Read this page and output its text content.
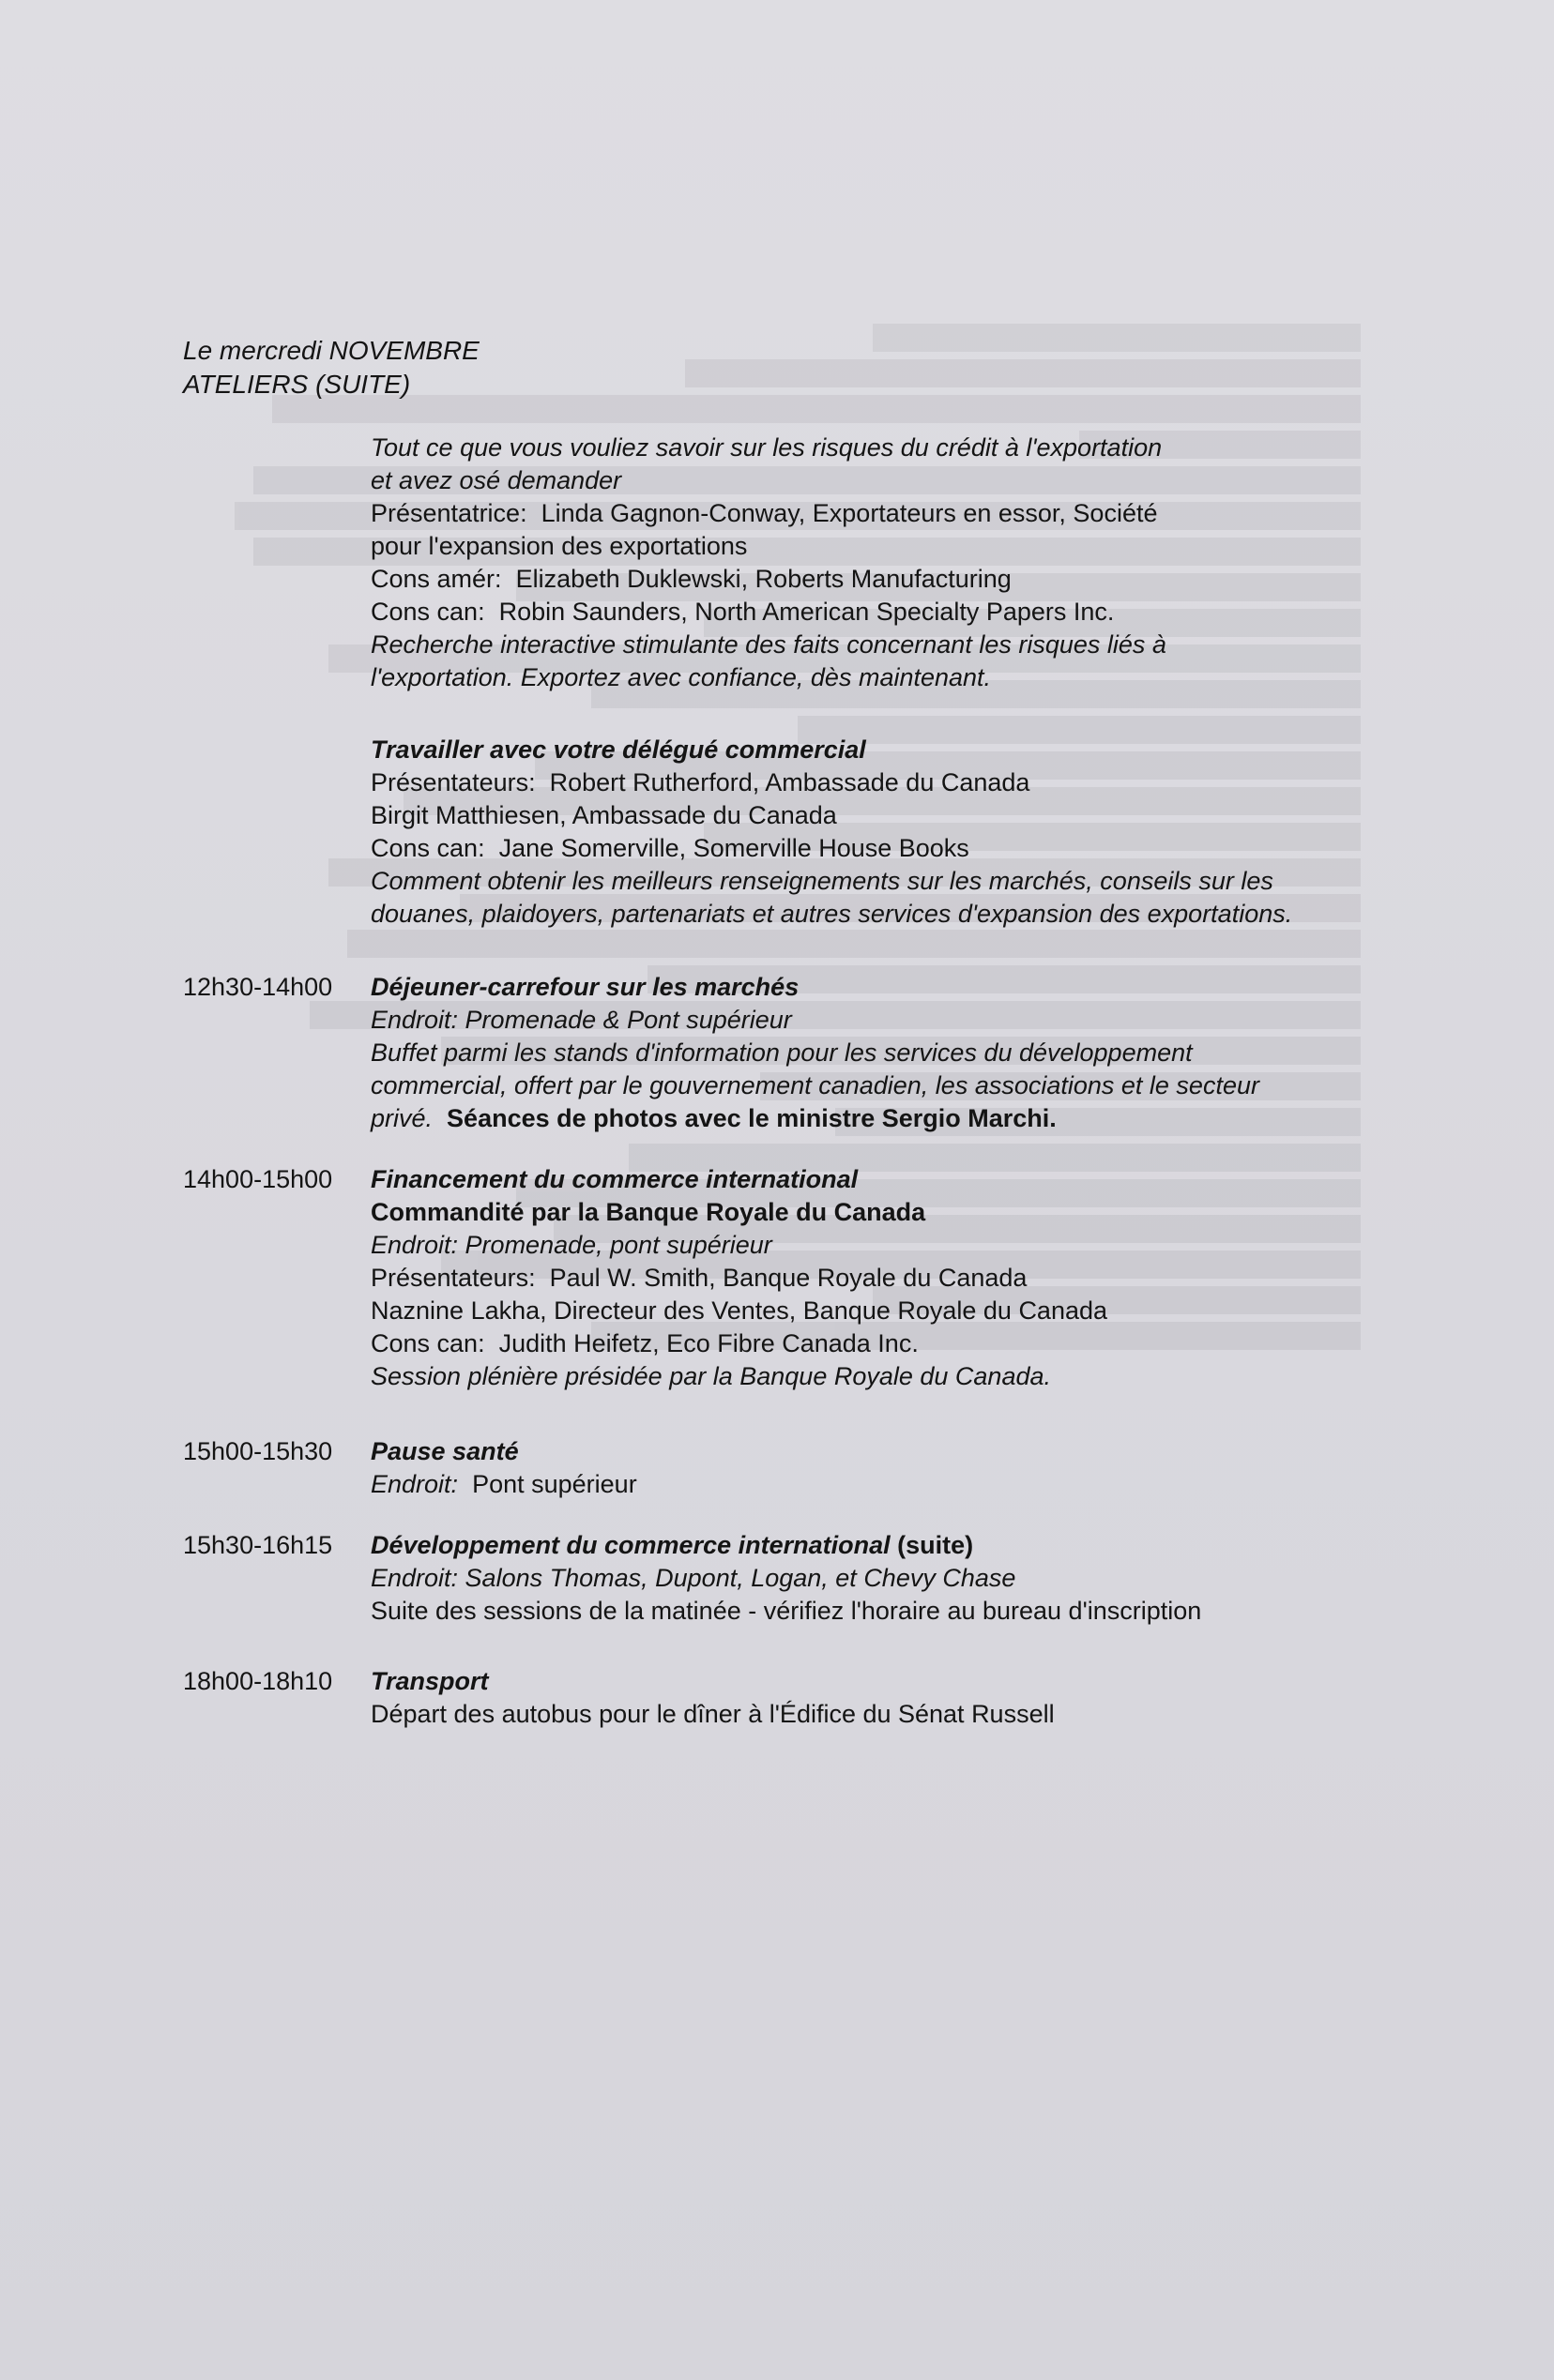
Le mercredi NOVEMBRE
ATELIERS (SUITE)
Tout ce que vous vouliez savoir sur les risques du crédit à l'exportation
et avez osé demander
Présentatrice: Linda Gagnon-Conway, Exportateurs en essor, Société
pour l'expansion des exportations
Cons amér: Elizabeth Duklewski, Roberts Manufacturing
Cons can: Robin Saunders, North American Specialty Papers Inc.
Recherche interactive stimulante des faits concernant les risques liés à
l'exportation. Exportez avec confiance, dès maintenant.
Travailler avec votre délégué commercial
Présentateurs: Robert Rutherford, Ambassade du Canada
Birgit Matthiesen, Ambassade du Canada
Cons can: Jane Somerville, Somerville House Books
Comment obtenir les meilleurs renseignements sur les marchés, conseils sur les
douanes, plaidoyers, partenariats et autres services d'expansion des exportations.
12h30-14h00	Déjeuner-carrefour sur les marchés
Endroit: Promenade & Pont supérieur
Buffet parmi les stands d'information pour les services du développement
commercial, offert par le gouvernement canadien, les associations et le secteur
privé. Séances de photos avec le ministre Sergio Marchi.
14h00-15h00	Financement du commerce international
Commandité par la Banque Royale du Canada
Endroit: Promenade, pont supérieur
Présentateurs: Paul W. Smith, Banque Royale du Canada
Naznine Lakha, Directeur des Ventes, Banque Royale du Canada
Cons can: Judith Heifetz, Eco Fibre Canada Inc.
Session plénière présidée par la Banque Royale du Canada.
15h00-15h30	Pause santé
Endroit: Pont supérieur
15h30-16h15	Développement du commerce international (suite)
Endroit: Salons Thomas, Dupont, Logan, et Chevy Chase
Suite des sessions de la matinée - vérifiez l'horaire au bureau d'inscription
18h00-18h10	Transport
Départ des autobus pour le dîner à l'Édifice du Sénat Russell
